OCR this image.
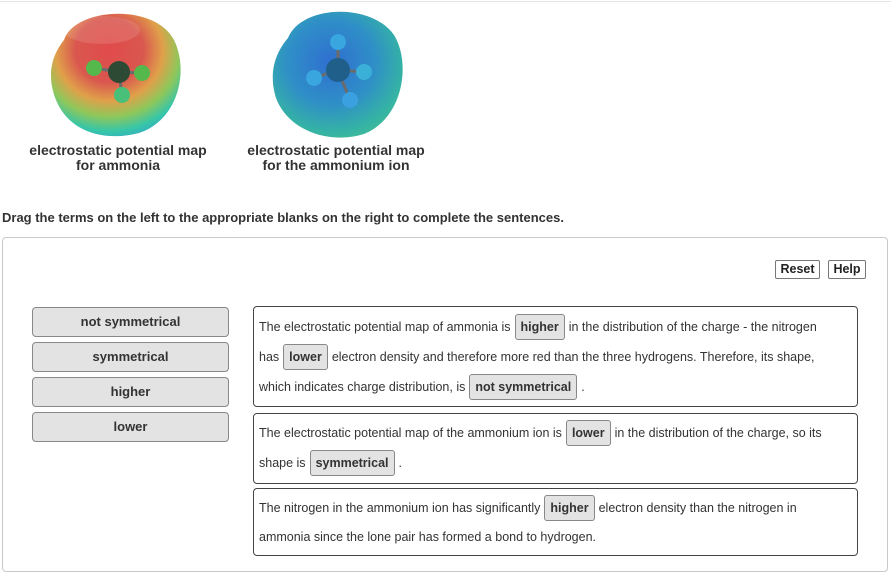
electrostatic potential map
for ammonia
electrostatic potential map
for the ammonium ion
Drag the terms on the left to the appropriate blanks on the right to complete the sentences.
Reset	Help
not symmetrical
symmetrical
higher
lower
The electrostatic potential map of ammonia is higher in the distribution of the charge - the nitrogen
has lower electron density and therefore more red than the three hydrogens. Therefore, its shape,
which indicates charge distribution, is not symmetrical .
The electrostatic potential map of the ammonium ion is lower in the distribution of the charge, so its
shape is symmetrical .
The nitrogen in the ammonium ion has significantly higher electron density than the nitrogen in
ammonia since the lone pair has formed a bond to hydrogen.
